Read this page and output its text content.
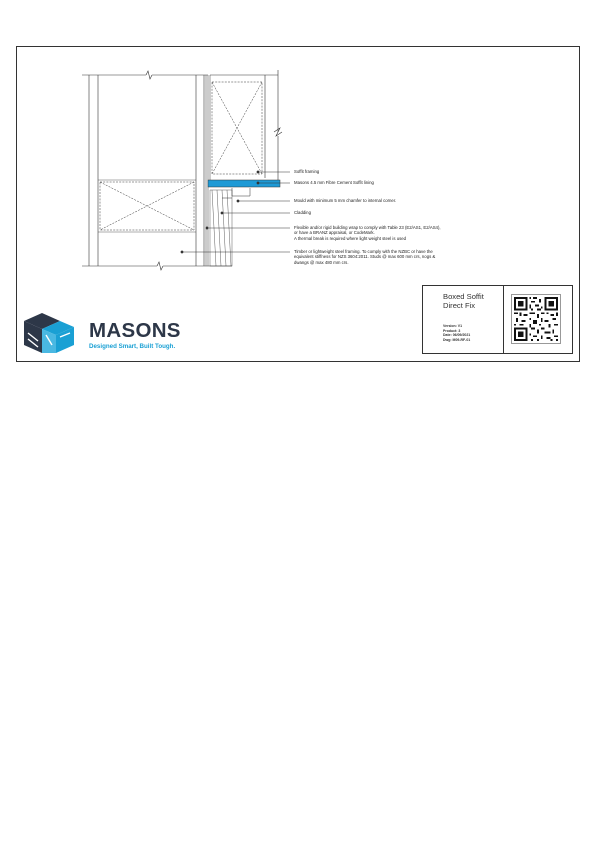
Soffit framing
Masons 4.5 mm Fibre Cement Soffit lining
Mould with minimum 5 mm chamfer to internal corner.
Cladding
Flexible and/or rigid building wrap to comply with Table 23 (E2/AS1, E2/AS4),
or have a BRANZ appraisal, or CodeMark.
A thermal break is required where light weight steel is used
Timber or lightweight steel framing. To comply with the NZBC or have the
equivalent stiffness for NZS 3604:2011. Studs @ max 600 mm crs, nogs &
dwangs @ max 480 mm crs.
MASONS
Designed Smart, Built Tough.
Boxed Soffit Direct Fix
Version: V1
Product: 3
Date: 06/09/2021
Dwg: M09-RF-01
